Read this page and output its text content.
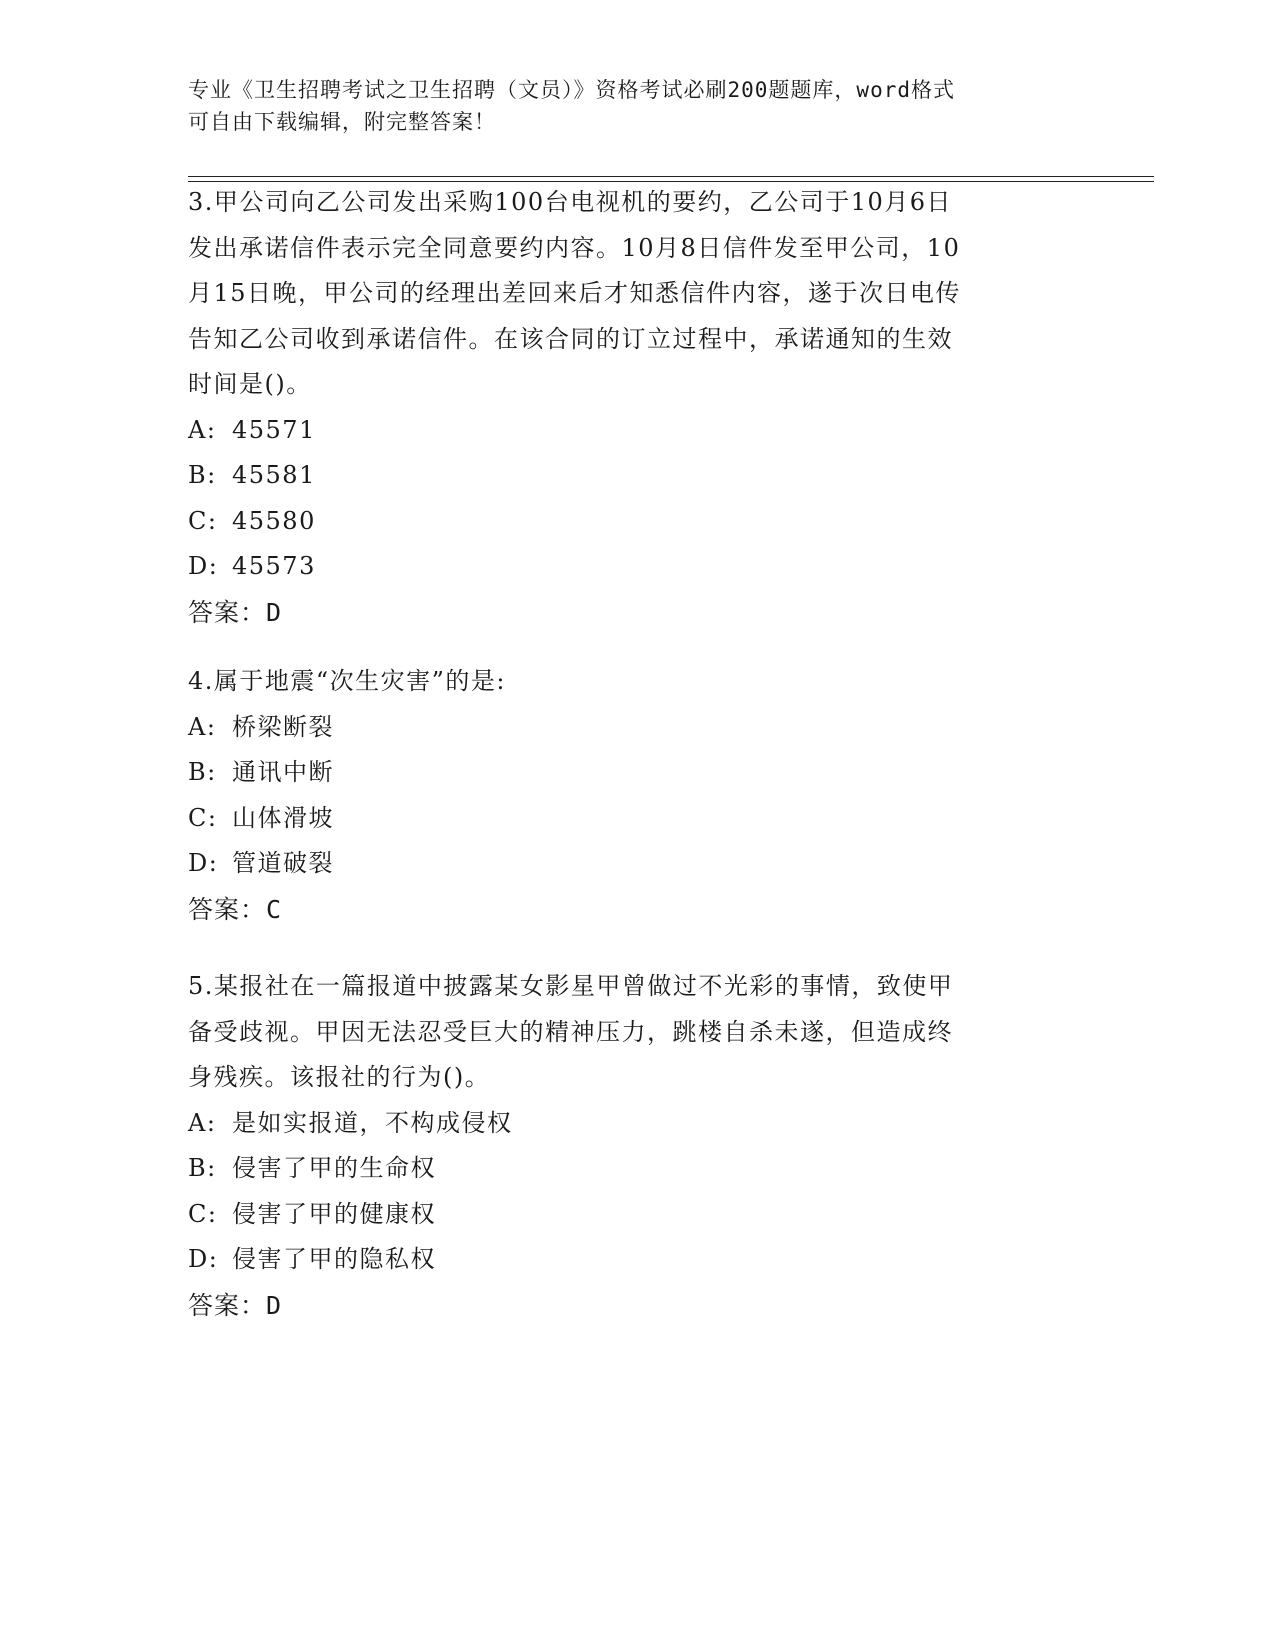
专业《卫生招聘考试之卫生招聘（文员）》资格考试必刷200题题库，word格式
可自由下载编辑，附完整答案！
3.甲公司向乙公司发出采购100台电视机的要约，乙公司于10月6日
发出承诺信件表示完全同意要约内容。10月8日信件发至甲公司，10
月15日晚，甲公司的经理出差回来后才知悉信件内容，遂于次日电传
告知乙公司收到承诺信件。在该合同的订立过程中，承诺通知的生效
时间是()。
A: 45571
B: 45581
C: 45580
D: 45573
答案：D
4.属于地震“次生灾害”的是:
A: 桥梁断裂
B: 通讯中断
C: 山体滑坡
D: 管道破裂
答案：C
5.某报社在一篇报道中披露某女影星甲曾做过不光彩的事情，致使甲
备受歧视。甲因无法忍受巨大的精神压力，跳楼自杀未遂，但造成终
身残疾。该报社的行为()。
A: 是如实报道，不构成侵权
B: 侵害了甲的生命权
C: 侵害了甲的健康权
D: 侵害了甲的隐私权
答案：D
